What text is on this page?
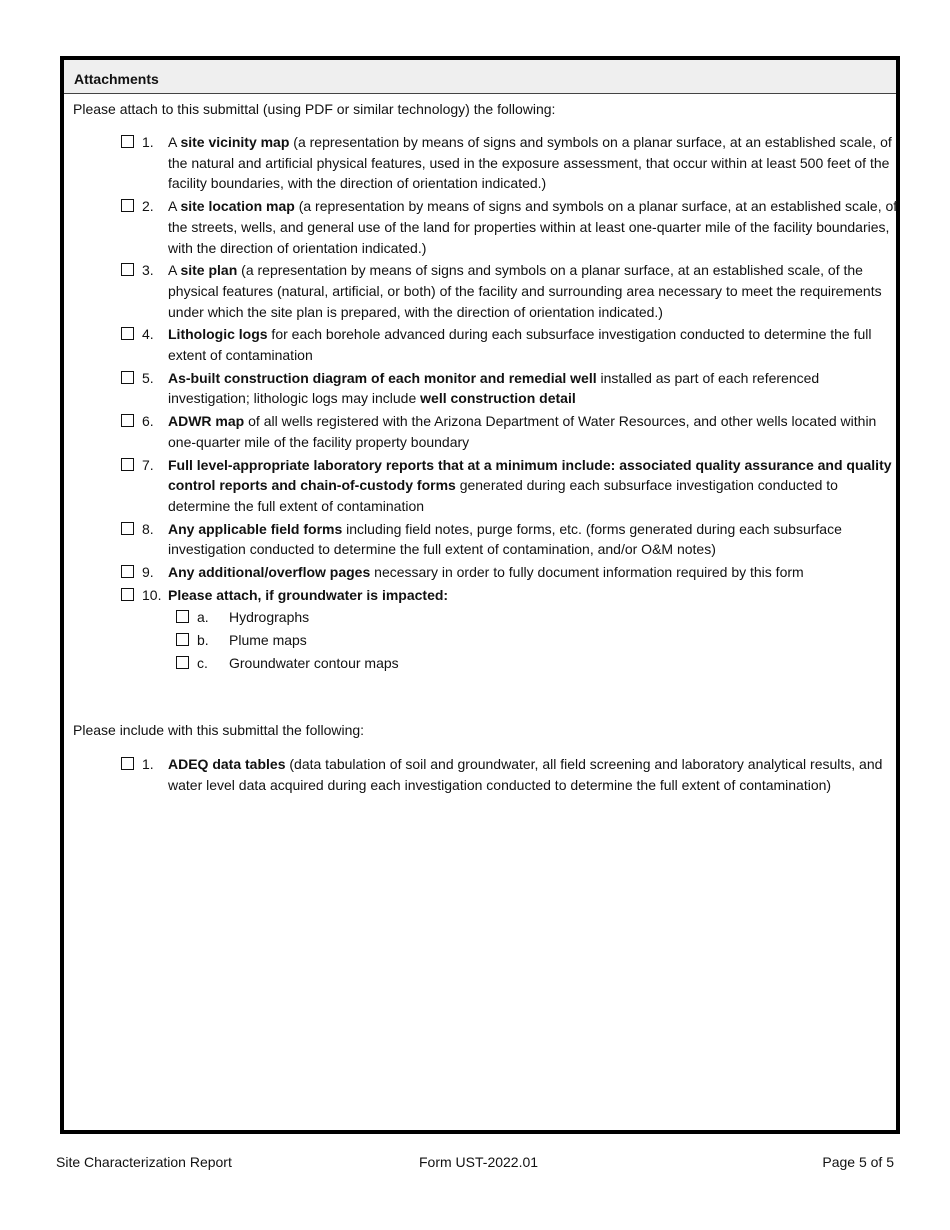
Attachments
Please attach to this submittal (using PDF or similar technology) the following:
1.	A site vicinity map (a representation by means of signs and symbols on a planar surface, at an established scale, of the natural and artificial physical features, used in the exposure assessment, that occur within at least 500 feet of the facility boundaries, with the direction of orientation indicated.)
2.	A site location map (a representation by means of signs and symbols on a planar surface, at an established scale, of the streets, wells, and general use of the land for properties within at least one-quarter mile of the facility boundaries, with the direction of orientation indicated.)
3.	A site plan (a representation by means of signs and symbols on a planar surface, at an established scale, of the physical features (natural, artificial, or both) of the facility and surrounding area necessary to meet the requirements under which the site plan is prepared, with the direction of orientation indicated.)
4.	Lithologic logs for each borehole advanced during each subsurface investigation conducted to determine the full extent of contamination
5.	As-built construction diagram of each monitor and remedial well installed as part of each referenced investigation; lithologic logs may include well construction detail
6.	ADWR map of all wells registered with the Arizona Department of Water Resources, and other wells located within one-quarter mile of the facility property boundary
7.	Full level-appropriate laboratory reports that at a minimum include: associated quality assurance and quality control reports and chain-of-custody forms generated during each subsurface investigation conducted to determine the full extent of contamination
8.	Any applicable field forms including field notes, purge forms, etc. (forms generated during each subsurface investigation conducted to determine the full extent of contamination, and/or O&M notes)
9.	Any additional/overflow pages necessary in order to fully document information required by this form
10. Please attach, if groundwater is impacted:
a.	Hydrographs
b.	Plume maps
c.	Groundwater contour maps
Please include with this submittal the following:
1.	ADEQ data tables (data tabulation of soil and groundwater, all field screening and laboratory analytical results, and water level data acquired during each investigation conducted to determine the full extent of contamination)
Site Characterization Report	Form UST-2022.01	Page 5 of 5
